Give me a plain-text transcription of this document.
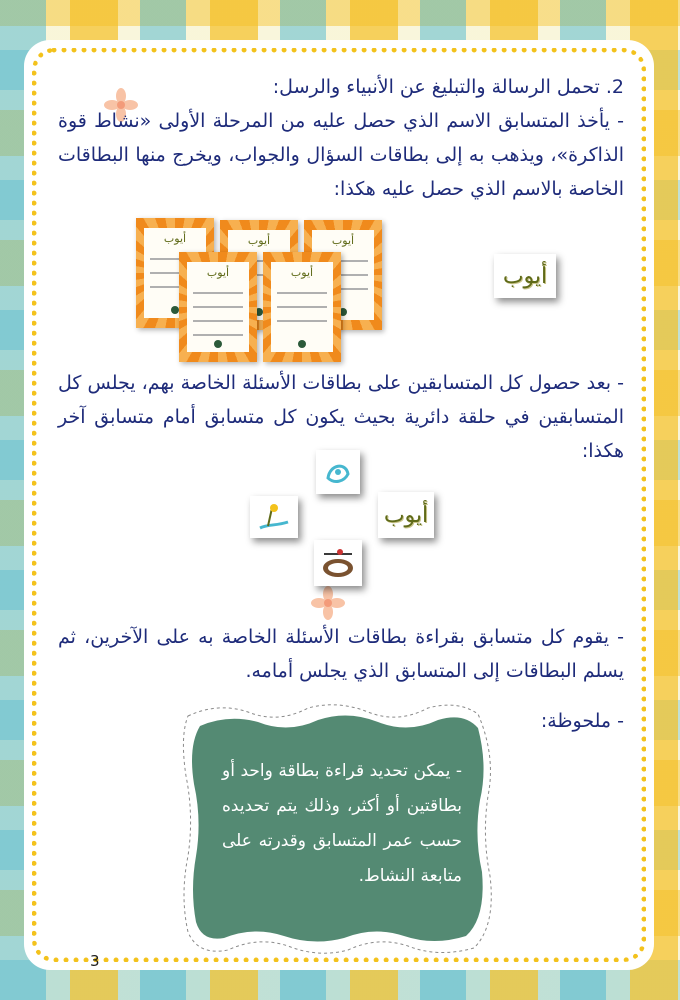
2. تحمل الرسالة والتبليغ عن الأنبياء والرسل:

- يأخذ المتسابق الاسم الذي حصل عليه من المرحلة الأولى «نشاط قوة الذاكرة»، ويذهب به إلى بطاقات السؤال والجواب، ويخرج منها البطاقات الخاصة بالاسم الذي حصل عليه هكذا:

أيوب	أيوب	أيوب
أيوب	أيوب	أيوب

- بعد حصول كل المتسابقين على بطاقات الأسئلة الخاصة بهم، يجلس كل المتسابقين في حلقة دائرية بحيث يكون كل متسابق أمام متسابق آخر هكذا:

أيوب

- يقوم كل متسابق بقراءة بطاقات الأسئلة الخاصة به على الآخرين، ثم يسلم البطاقات إلى المتسابق الذي يجلس أمامه.

- ملحوظة:

3

- يمكن تحديد قراءة بطاقة واحد أو بطاقتين أو أكثر، وذلك يتم تحديده حسب عمر المتسابق وقدرته على متابعة النشاط.
